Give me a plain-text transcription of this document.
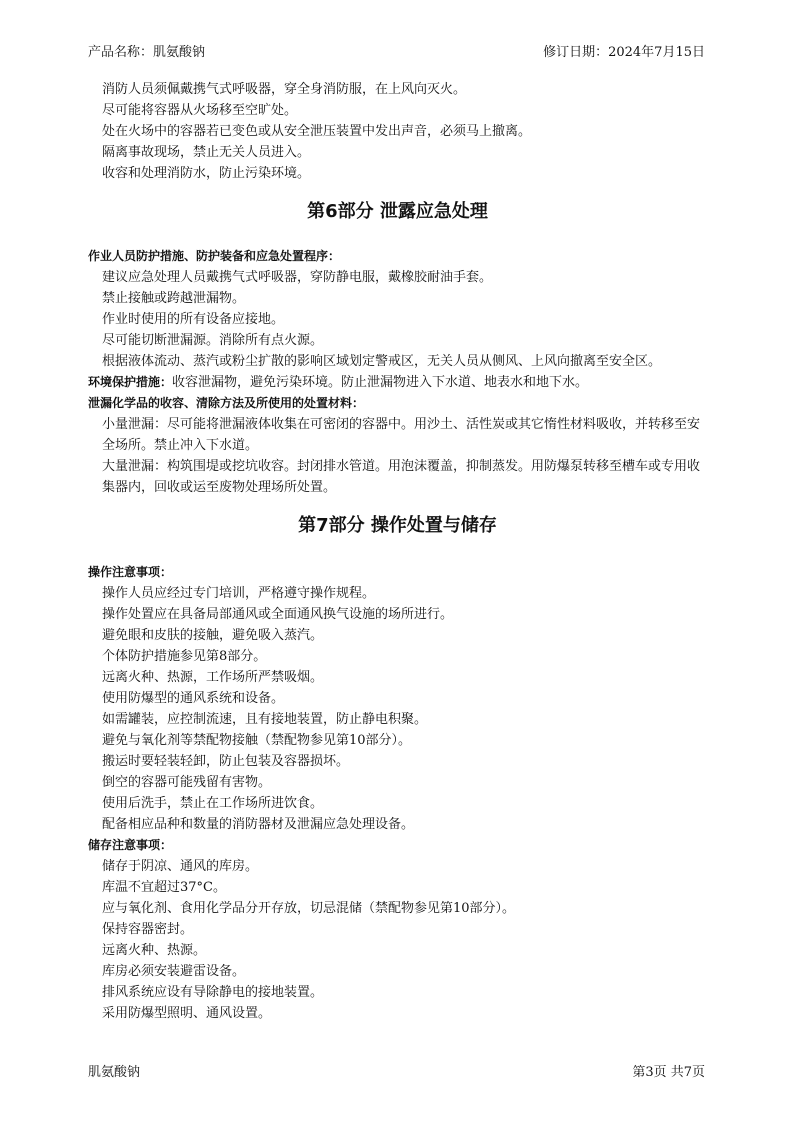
产品名称：肌氨酸钠	修订日期：2024年7月15日

消防人员须佩戴携气式呼吸器，穿全身消防服，在上风向灭火。

尽可能将容器从火场移至空旷处。

处在火场中的容器若已变色或从安全泄压装置中发出声音，必须马上撤离。

隔离事故现场，禁止无关人员进入。

收容和处理消防水，防止污染环境。

第6部分 泄露应急处理

作业人员防护措施、防护装备和应急处置程序：

建议应急处理人员戴携气式呼吸器，穿防静电服，戴橡胶耐油手套。

禁止接触或跨越泄漏物。

作业时使用的所有设备应接地。

尽可能切断泄漏源。消除所有点火源。

根据液体流动、蒸汽或粉尘扩散的影响区域划定警戒区，无关人员从侧风、上风向撤离至安全区。

环境保护措施：收容泄漏物，避免污染环境。防止泄漏物进入下水道、地表水和地下水。

泄漏化学品的收容、清除方法及所使用的处置材料：

小量泄漏：尽可能将泄漏液体收集在可密闭的容器中。用沙土、活性炭或其它惰性材料吸收，并转移至安全场所。禁止冲入下水道。

大量泄漏：构筑围堤或挖坑收容。封闭排水管道。用泡沫覆盖，抑制蒸发。用防爆泵转移至槽车或专用收集器内，回收或运至废物处理场所处置。

第7部分 操作处置与储存

操作注意事项：

操作人员应经过专门培训，严格遵守操作规程。

操作处置应在具备局部通风或全面通风换气设施的场所进行。

避免眼和皮肤的接触，避免吸入蒸汽。

个体防护措施参见第8部分。

远离火种、热源，工作场所严禁吸烟。

使用防爆型的通风系统和设备。

如需罐装，应控制流速，且有接地装置，防止静电积聚。

避免与氧化剂等禁配物接触（禁配物参见第10部分）。

搬运时要轻装轻卸，防止包装及容器损坏。

倒空的容器可能残留有害物。

使用后洗手，禁止在工作场所进饮食。

配备相应品种和数量的消防器材及泄漏应急处理设备。

储存注意事项：

储存于阴凉、通风的库房。

库温不宜超过37°C。

应与氧化剂、食用化学品分开存放，切忌混储（禁配物参见第10部分）。

保持容器密封。

远离火种、热源。

库房必须安装避雷设备。

排风系统应设有导除静电的接地装置。

采用防爆型照明、通风设置。

肌氨酸钠	第3页 共7页
